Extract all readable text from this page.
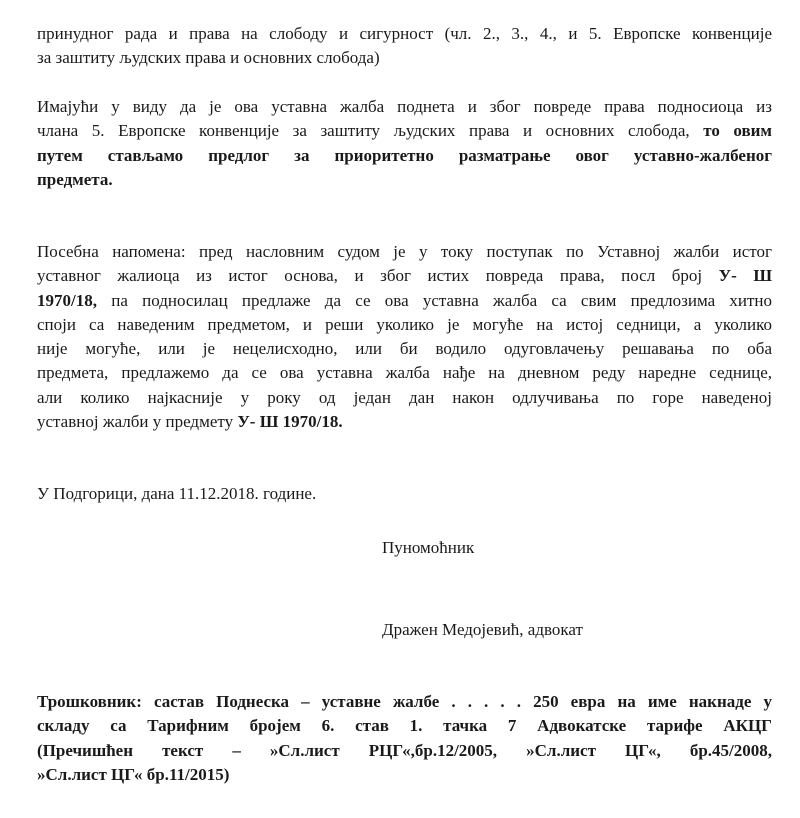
принудног рада и права на слободу и сигурност (чл. 2., 3., 4., и 5. Европске конвенције
за заштиту људских права и основних слобода)
Имајући у виду да је ова уставна жалба поднета и због повреде права подносиоца из
члана 5. Европске конвенције за заштиту људских права и основних слобода, то овим
путем стављамо предлог за приоритетно разматрање овог уставно-жалбеног
предмета.
Посебна напомена: пред насловним судом је у току поступак по Уставној жалби истог
уставног жалиоца из истог основа, и због истих повреда права, посл број У- Ш
1970/18, па подносилац предлаже да се ова уставна жалба са свим предлозима хитно
споји са наведеним предметом, и реши уколико је могуће на истој седници, а уколико
није могуће, или је нецелисходно, или би водило одуговлачењу решавања по оба
предмета, предлажемо да се ова уставна жалба нађе на дневном реду наредне седнице,
али колико најкасније у року од један дан након одлучивања по горе наведеној
уставној жалби у предмету У- Ш 1970/18.
У Подгорици, дана 11.12.2018. године.
Пуномоћник
Дражен Медојевић, адвокат
Трошковник: састав Поднеска – уставне жалбе . . . . . 250 евра на име накнаде у
складу са Тарифним бројем 6. став 1. тачка 7 Адвокатске тарифе АКЦГ
(Пречишћен текст – »Сл.лист РЦГ«,бр.12/2005, »Сл.лист ЦГ«, бр.45/2008,
»Сл.лист ЦГ« бр.11/2015)
